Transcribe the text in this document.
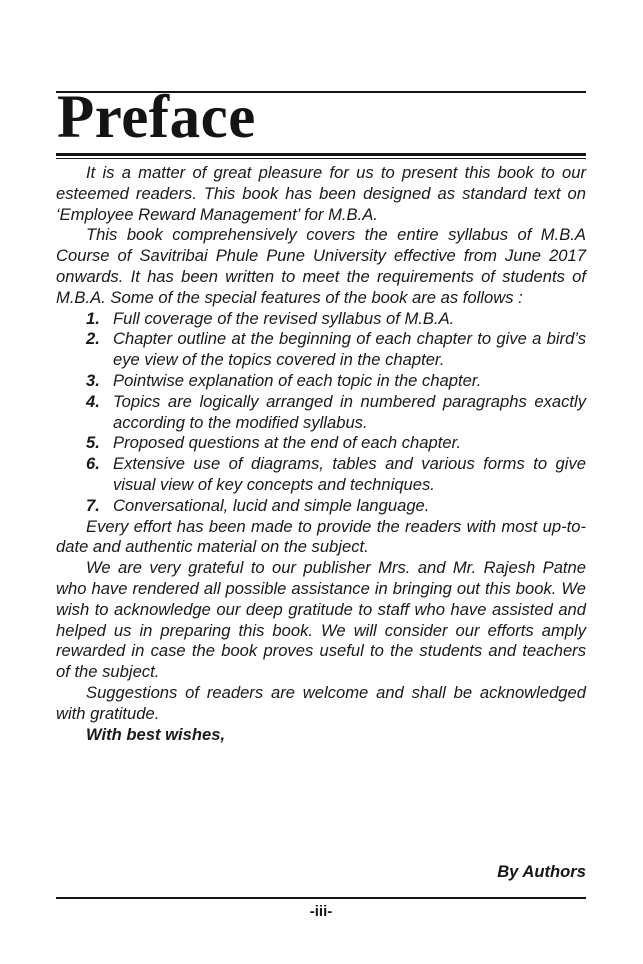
Preface

It is a matter of great pleasure for us to present this book to our esteemed readers. This book has been designed as standard text on ‘Employee Reward Management’ for M.B.A.

This book comprehensively covers the entire syllabus of M.B.A Course of Savitribai Phule Pune University effective from June 2017 onwards. It has been written to meet the requirements of students of M.B.A. Some of the special features of the book are as follows :

1. Full coverage of the revised syllabus of M.B.A.
2. Chapter outline at the beginning of each chapter to give a bird’s eye view of the topics covered in the chapter.
3. Pointwise explanation of each topic in the chapter.
4. Topics are logically arranged in numbered paragraphs exactly according to the modified syllabus.
5. Proposed questions at the end of each chapter.
6. Extensive use of diagrams, tables and various forms to give visual view of key concepts and techniques.
7. Conversational, lucid and simple language.

Every effort has been made to provide the readers with most up-to-date and authentic material on the subject.

We are very grateful to our publisher Mrs. and Mr. Rajesh Patne who have rendered all possible assistance in bringing out this book. We wish to acknowledge our deep gratitude to staff who have assisted and helped us in preparing this book. We will consider our efforts amply rewarded in case the book proves useful to the students and teachers of the subject.

Suggestions of readers are welcome and shall be acknowledged with gratitude.

With best wishes,

By Authors
-iii-
